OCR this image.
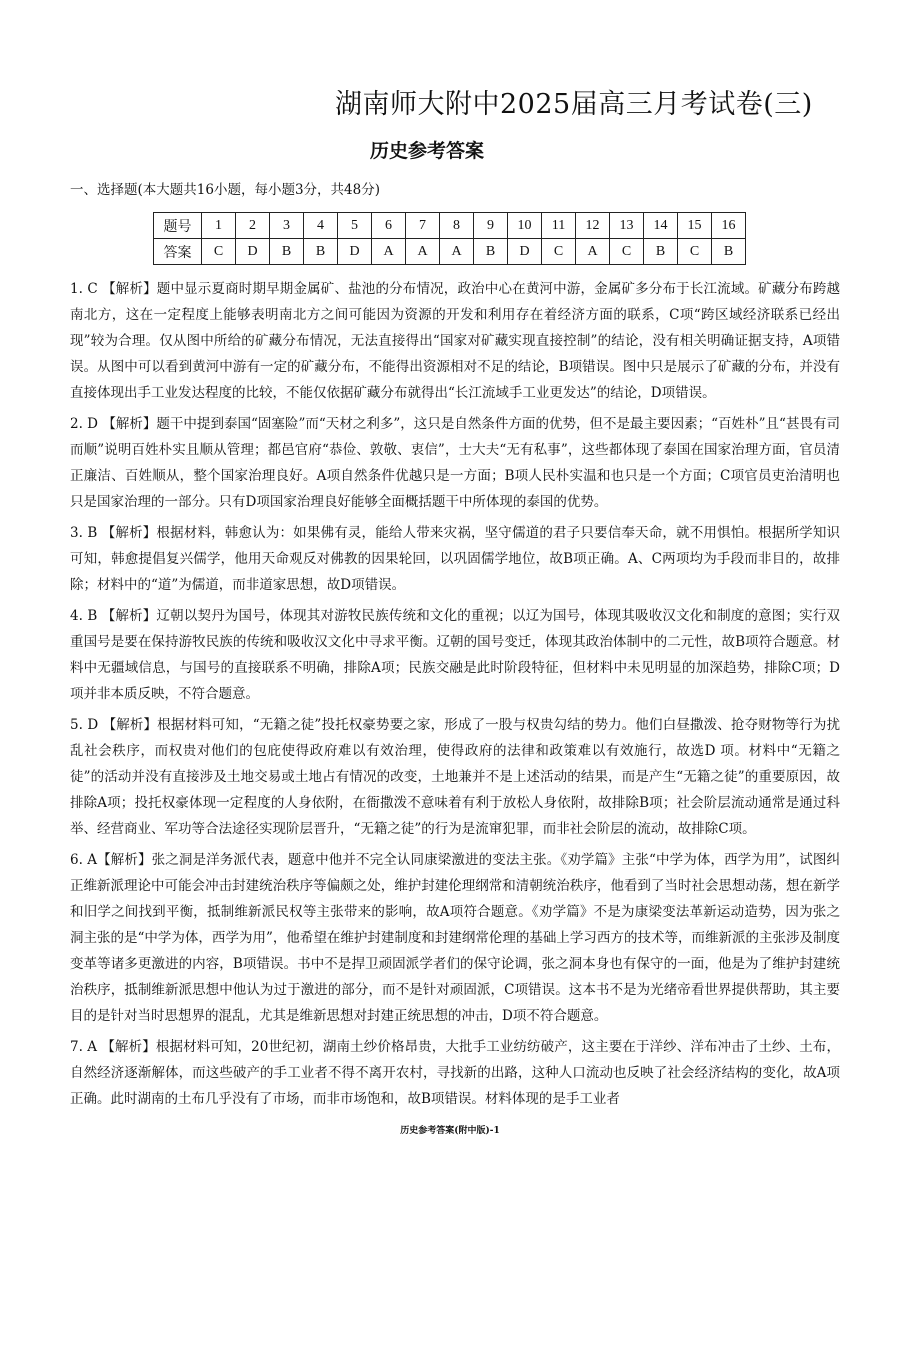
湖南师大附中2025届高三月考试卷(三)
历史参考答案
一、选择题(本大题共16小题，每小题3分，共48分)
题号	1	2	3	4	5	6	7	8	9	10	11	12	13	14	15	16
答案	C	D	B	B	D	A	A	A	B	D	C	A	C	B	C	B

1. C 【解析】题中显示夏商时期早期金属矿、盐池的分布情况，政治中心在黄河中游，金属矿多分布于长江流域。矿藏分布跨越南北方，这在一定程度上能够表明南北方之间可能因为资源的开发和利用存在着经济方面的联系，C项“跨区域经济联系已经出现”较为合理。仅从图中所给的矿藏分布情况，无法直接得出“国家对矿藏实现直接控制”的结论，没有相关明确证据支持，A项错误。从图中可以看到黄河中游有一定的矿藏分布，不能得出资源相对不足的结论，B项错误。图中只是展示了矿藏的分布，并没有直接体现出手工业发达程度的比较，不能仅依据矿藏分布就得出“长江流域手工业更发达”的结论，D项错误。

2. D 【解析】题干中提到泰国“固塞险”而“天材之利多”，这只是自然条件方面的优势，但不是最主要因素；“百姓朴”且“甚畏有司而顺”说明百姓朴实且顺从管理；都邑官府“恭俭、敦敬、衷信”，士大夫“无有私事”，这些都体现了泰国在国家治理方面，官员清正廉洁、百姓顺从，整个国家治理良好。A项自然条件优越只是一方面；B项人民朴实温和也只是一个方面；C项官员吏治清明也只是国家治理的一部分。只有D项国家治理良好能够全面概括题干中所体现的泰国的优势。

3. B 【解析】根据材料，韩愈认为：如果佛有灵，能给人带来灾祸，坚守儒道的君子只要信奉天命，就不用惧怕。根据所学知识可知，韩愈提倡复兴儒学，他用天命观反对佛教的因果轮回，以巩固儒学地位，故B项正确。A、C两项均为手段而非目的，故排除；材料中的“道”为儒道，而非道家思想，故D项错误。

4. B 【解析】辽朝以契丹为国号，体现其对游牧民族传统和文化的重视；以辽为国号，体现其吸收汉文化和制度的意图；实行双重国号是要在保持游牧民族的传统和吸收汉文化中寻求平衡。辽朝的国号变迁，体现其政治体制中的二元性，故B项符合题意。材料中无疆域信息，与国号的直接联系不明确，排除A项；民族交融是此时阶段特征，但材料中未见明显的加深趋势，排除C项；D项并非本质反映，不符合题意。

5. D 【解析】根据材料可知，“无籍之徒”投托权豪势要之家，形成了一股与权贵勾结的势力。他们白昼撒泼、抢夺财物等行为扰乱社会秩序，而权贵对他们的包庇使得政府难以有效治理，使得政府的法律和政策难以有效施行，故选D 项。材料中“无籍之徒”的活动并没有直接涉及土地交易或土地占有情况的改变，土地兼并不是上述活动的结果，而是产生“无籍之徒”的重要原因，故排除A项；投托权豪体现一定程度的人身依附，在衙撒泼不意味着有利于放松人身依附，故排除B项；社会阶层流动通常是通过科举、经营商业、军功等合法途径实现阶层晋升，“无籍之徒”的行为是流窜犯罪，而非社会阶层的流动，故排除C项。

6. A【解析】张之洞是洋务派代表，题意中他并不完全认同康梁激进的变法主张。《劝学篇》主张“中学为体，西学为用”，试图纠正维新派理论中可能会冲击封建统治秩序等偏颇之处，维护封建伦理纲常和清朝统治秩序，他看到了当时社会思想动荡，想在新学和旧学之间找到平衡，抵制维新派民权等主张带来的影响，故A项符合题意。《劝学篇》不是为康梁变法革新运动造势，因为张之洞主张的是“中学为体，西学为用”，他希望在维护封建制度和封建纲常伦理的基础上学习西方的技术等，而维新派的主张涉及制度变革等诸多更激进的内容，B项错误。书中不是捍卫顽固派学者们的保守论调，张之洞本身也有保守的一面，他是为了维护封建统治秩序，抵制维新派思想中他认为过于激进的部分，而不是针对顽固派，C项错误。这本书不是为光绪帝看世界提供帮助，其主要目的是针对当时思想界的混乱，尤其是维新思想对封建正统思想的冲击，D项不符合题意。

7. A 【解析】根据材料可知，20世纪初，湖南土纱价格昂贵，大批手工业纺纺破产，这主要在于洋纱、洋布冲击了土纱、土布，自然经济逐渐解体，而这些破产的手工业者不得不离开农村，寻找新的出路，这种人口流动也反映了社会经济结构的变化，故A项正确。此时湖南的土布几乎没有了市场，而非市场饱和，故B项错误。材料体现的是手工业者

历史参考答案(附中版)-1
